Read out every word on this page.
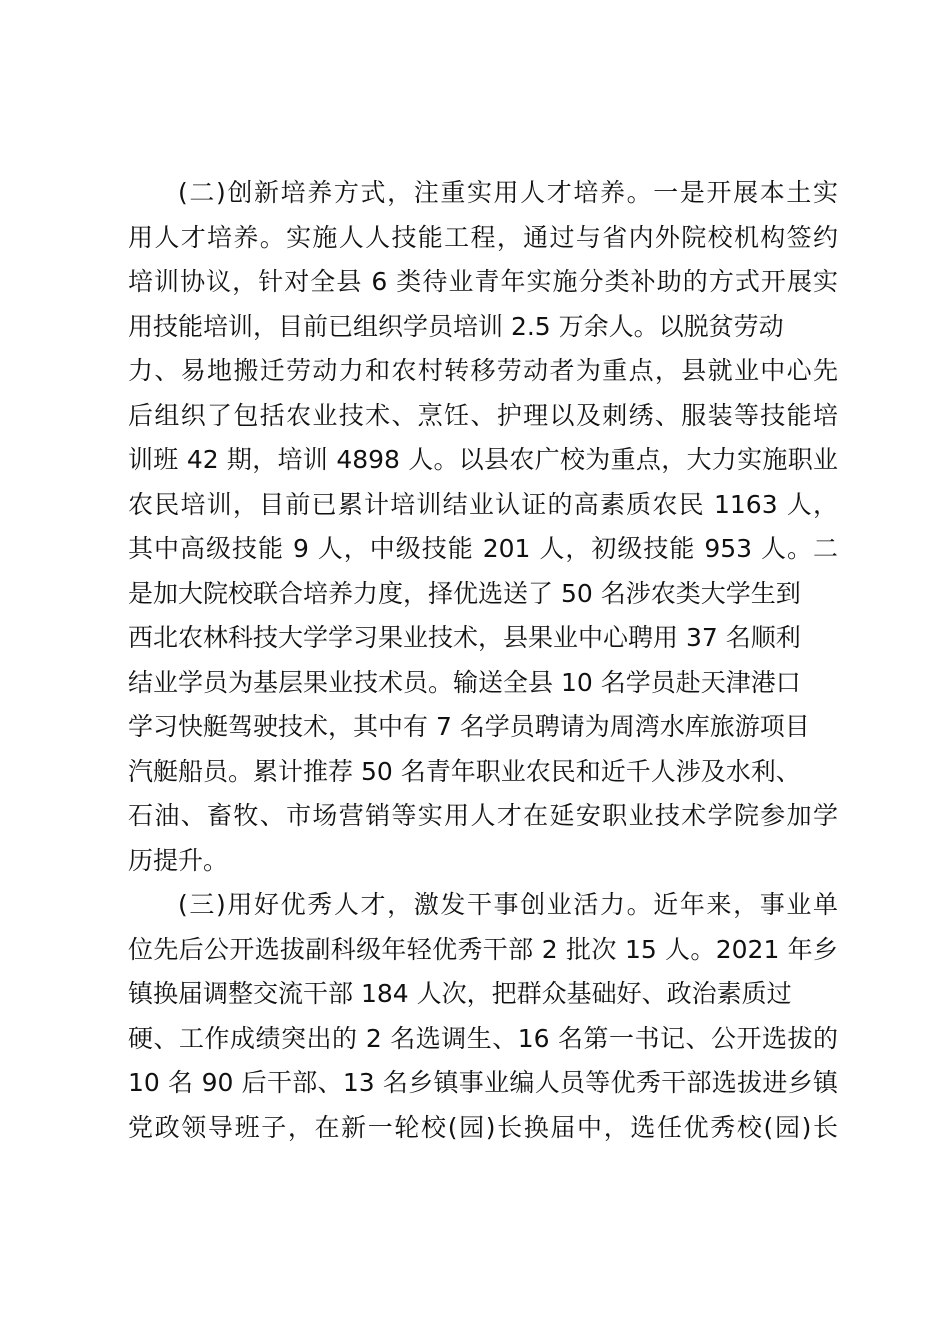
(二)创新培养方式，注重实用人才培养。一是开展本土实
用人才培养。实施人人技能工程，通过与省内外院校机构签约
培训协议，针对全县 6 类待业青年实施分类补助的方式开展实
用技能培训，目前已组织学员培训 2.5 万余人。以脱贫劳动
力、易地搬迁劳动力和农村转移劳动者为重点，县就业中心先
后组织了包括农业技术、烹饪、护理以及刺绣、服装等技能培
训班 42 期，培训 4898 人。以县农广校为重点，大力实施职业
农民培训，目前已累计培训结业认证的高素质农民 1163 人，
其中高级技能 9 人，中级技能 201 人，初级技能 953 人。二
是加大院校联合培养力度，择优选送了 50 名涉农类大学生到
西北农林科技大学学习果业技术，县果业中心聘用 37 名顺利
结业学员为基层果业技术员。输送全县 10 名学员赴天津港口
学习快艇驾驶技术，其中有 7 名学员聘请为周湾水库旅游项目
汽艇船员。累计推荐 50 名青年职业农民和近千人涉及水利、
石油、畜牧、市场营销等实用人才在延安职业技术学院参加学
历提升。
(三)用好优秀人才，激发干事创业活力。近年来，事业单
位先后公开选拔副科级年轻优秀干部 2 批次 15 人。2021 年乡
镇换届调整交流干部 184 人次，把群众基础好、政治素质过
硬、工作成绩突出的 2 名选调生、16 名第一书记、公开选拔的
10 名 90 后干部、13 名乡镇事业编人员等优秀干部选拔进乡镇
党政领导班子，在新一轮校(园)长换届中，选任优秀校(园)长
